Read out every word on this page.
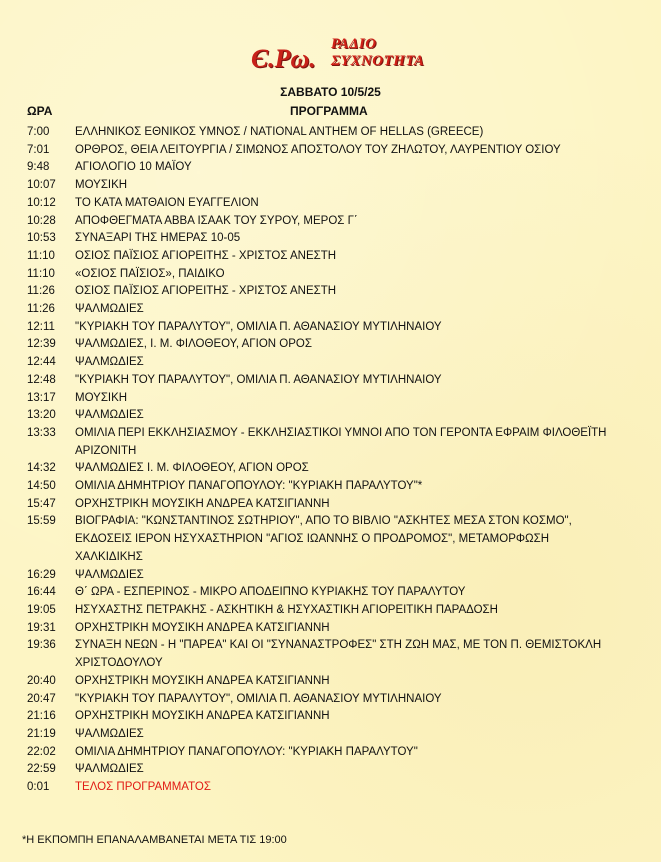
Є.Ρω. ΡΑΔΙΟ
ΣΥΧΝΟΤΗΤΑ
ΣΑΒΒΑΤΟ 10/5/25
ΩΡΑ	ΠΡΟΓΡΑΜΜΑ
7:00	ΕΛΛΗΝΙΚΟΣ ΕΘΝΙΚΟΣ ΥΜΝΟΣ / NATIONAL ANTHEM OF HELLAS (GREECE)
7:01	ΟΡΘΡΟΣ, ΘΕΙΑ ΛΕΙΤΟΥΡΓΙΑ / ΣΙΜΩΝΟΣ ΑΠΟΣΤΟΛΟΥ ΤΟΥ ΖΗΛΩΤΟΥ, ΛΑΥΡΕΝΤΙΟΥ ΟΣΙΟΥ
9:48	ΑΓΙΟΛΟΓΙΟ 10 ΜΑΪΟΥ
10:07	ΜΟΥΣΙΚΗ
10:12	ΤΟ ΚΑΤΑ ΜΑΤΘΑΙΟΝ ΕΥΑΓΓΕΛΙΟΝ
10:28	ΑΠΟΦΘΕΓΜΑΤΑ ΑΒΒΑ ΙΣΑΑΚ ΤΟΥ ΣΥΡΟΥ, ΜΕΡΟΣ Γ΄
10:53	ΣΥΝΑΞΑΡΙ ΤΗΣ ΗΜΕΡΑΣ 10-05
11:10	ΟΣΙΟΣ ΠΑΪΣΙΟΣ ΑΓΙΟΡΕΙΤΗΣ - ΧΡΙΣΤΟΣ ΑΝΕΣΤΗ
11:10	«ΟΣΙΟΣ ΠΑΪΣΙΟΣ», ΠΑΙΔΙΚΟ
11:26	ΟΣΙΟΣ ΠΑΪΣΙΟΣ ΑΓΙΟΡΕΙΤΗΣ - ΧΡΙΣΤΟΣ ΑΝΕΣΤΗ
11:26	ΨΑΛΜΩΔΙΕΣ
12:11	"ΚΥΡΙΑΚΗ ΤΟΥ ΠΑΡΑΛΥΤΟΥ", ΟΜΙΛΙΑ Π. ΑΘΑΝΑΣΙΟΥ ΜΥΤΙΛΗΝΑΙΟΥ
12:39	ΨΑΛΜΩΔΙΕΣ, Ι. Μ. ΦΙΛΟΘΕΟΥ, ΑΓΙΟΝ ΟΡΟΣ
12:44	ΨΑΛΜΩΔΙΕΣ
12:48	"ΚΥΡΙΑΚΗ ΤΟΥ ΠΑΡΑΛΥΤΟΥ", ΟΜΙΛΙΑ Π. ΑΘΑΝΑΣΙΟΥ ΜΥΤΙΛΗΝΑΙΟΥ
13:17	ΜΟΥΣΙΚΗ
13:20	ΨΑΛΜΩΔΙΕΣ
13:33	ΟΜΙΛΙΑ ΠΕΡΙ ΕΚΚΛΗΣΙΑΣΜΟΥ - ΕΚΚΛΗΣΙΑΣΤΙΚΟΙ ΥΜΝΟΙ ΑΠΟ ΤΟΝ ΓΕΡΟΝΤΑ ΕΦΡΑΙΜ ΦΙΛΟΘΕΪΤΗ
ΑΡΙΖΟΝΙΤΗ
14:32	ΨΑΛΜΩΔΙΕΣ Ι. Μ. ΦΙΛΟΘΕΟΥ, ΑΓΙΟΝ ΟΡΟΣ
14:50	ΟΜΙΛΙΑ ΔΗΜΗΤΡΙΟΥ ΠΑΝΑΓΟΠΟΥΛΟΥ: "ΚΥΡΙΑΚΗ ΠΑΡΑΛΥΤΟΥ"*
15:47	ΟΡΧΗΣΤΡΙΚΗ ΜΟΥΣΙΚΗ ΑΝΔΡΕΑ ΚΑΤΣΙΓΙΑΝΝΗ
15:59	ΒΙΟΓΡΑΦΙΑ: "ΚΩΝΣΤΑΝΤΙΝΟΣ ΣΩΤΗΡΙΟΥ", ΑΠΟ ΤΟ ΒΙΒΛΙΟ "ΑΣΚΗΤΕΣ ΜΕΣΑ ΣΤΟΝ ΚΟΣΜΟ",
ΕΚΔΟΣΕΙΣ ΙΕΡΟΝ ΗΣΥΧΑΣΤΗΡΙΟΝ "ΑΓΙΟΣ ΙΩΑΝΝΗΣ Ο ΠΡΟΔΡΟΜΟΣ", ΜΕΤΑΜΟΡΦΩΣΗ
ΧΑΛΚΙΔΙΚΗΣ
16:29	ΨΑΛΜΩΔΙΕΣ
16:44	Θ΄ ΩΡΑ - ΕΣΠΕΡΙΝΟΣ - ΜΙΚΡΟ ΑΠΟΔΕΙΠΝΟ ΚΥΡΙΑΚΗΣ ΤΟΥ ΠΑΡΑΛΥΤΟΥ
19:05	ΗΣΥΧΑΣΤΗΣ ΠΕΤΡΑΚΗΣ - ΑΣΚΗΤΙΚΗ & ΗΣΥΧΑΣΤΙΚΗ ΑΓΙΟΡΕΙΤΙΚΗ ΠΑΡΑΔΟΣΗ
19:31	ΟΡΧΗΣΤΡΙΚΗ ΜΟΥΣΙΚΗ ΑΝΔΡΕΑ ΚΑΤΣΙΓΙΑΝΝΗ
19:36	ΣΥΝΑΞΗ ΝΕΩΝ - Η "ΠΑΡΕΑ" ΚΑΙ ΟΙ "ΣΥΝΑΝΑΣΤΡΟΦΕΣ" ΣΤΗ ΖΩΗ ΜΑΣ, ΜΕ ΤΟΝ Π. ΘΕΜΙΣΤΟΚΛΗ
ΧΡΙΣΤΟΔΟΥΛΟΥ
20:40	ΟΡΧΗΣΤΡΙΚΗ ΜΟΥΣΙΚΗ ΑΝΔΡΕΑ ΚΑΤΣΙΓΙΑΝΝΗ
20:47	"ΚΥΡΙΑΚΗ ΤΟΥ ΠΑΡΑΛΥΤΟΥ", ΟΜΙΛΙΑ Π. ΑΘΑΝΑΣΙΟΥ ΜΥΤΙΛΗΝΑΙΟΥ
21:16	ΟΡΧΗΣΤΡΙΚΗ ΜΟΥΣΙΚΗ ΑΝΔΡΕΑ ΚΑΤΣΙΓΙΑΝΝΗ
21:19	ΨΑΛΜΩΔΙΕΣ
22:02	ΟΜΙΛΙΑ ΔΗΜΗΤΡΙΟΥ ΠΑΝΑΓΟΠΟΥΛΟΥ: "ΚΥΡΙΑΚΗ ΠΑΡΑΛΥΤΟΥ"
22:59	ΨΑΛΜΩΔΙΕΣ
0:01	ΤΕΛΟΣ ΠΡΟΓΡΑΜΜΑΤΟΣ
*Η ΕΚΠΟΜΠΗ ΕΠΑΝΑΛΑΜΒΑΝΕΤΑΙ ΜΕΤΑ ΤΙΣ 19:00
